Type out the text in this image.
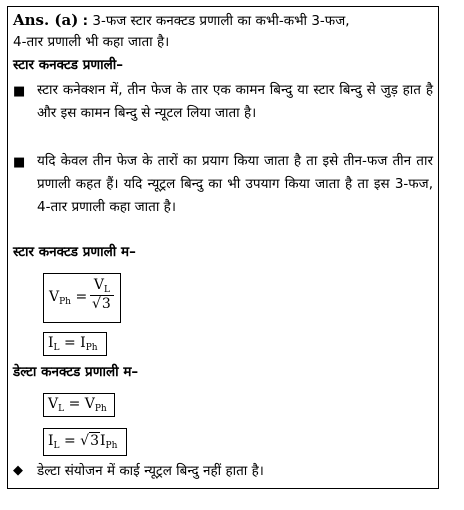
Ans. (a) : 3-फज स्टार कनक्टड प्रणाली का कभी-कभी 3-फज,
4-तार प्रणाली भी कहा जाता है।
स्टार कनक्टड प्रणाली–
■ स्टार कनेक्शन में, तीन फेज के तार एक कामन बिन्दु या स्टार बिन्दु से जुड़ हात है और इस कामन बिन्दु से न्यूटल लिया जाता है।
■ यदि केवल तीन फेज के तारों का प्रयाग किया जाता है ता इसे तीन-फज तीन तार प्रणाली कहत हैं। यदि न्यूट्रल बिन्दु का भी उपयाग किया जाता है ता इस 3-फज, 4-तार प्रणाली कहा जाता है।
स्टार कनक्टड प्रणाली म–
$V_{Ph} = \frac{V_L}{√3}$
$I_L = I_{Ph}$
डेल्टा कनक्टड प्रणाली म–
$V_L = V_{Ph}$
$I_L = √3I_{Ph}$
◆ डेल्टा संयोजन में काई न्यूट्रल बिन्दु नहीं हाता है।
